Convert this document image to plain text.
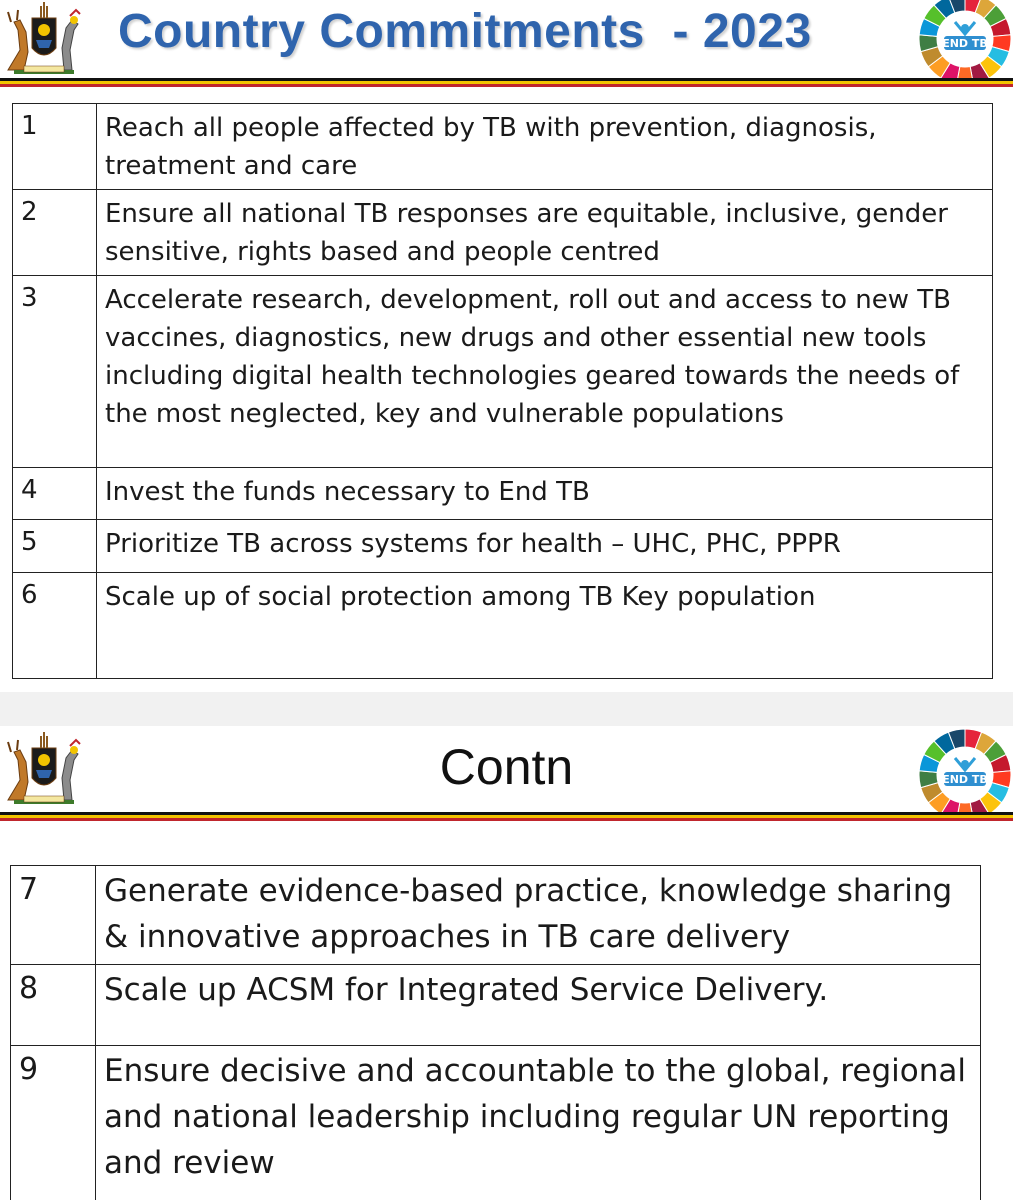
Country Commitments  - 2023	END TB
1	Reach all people affected by TB with prevention, diagnosis, treatment and care
2	Ensure all national TB responses are equitable, inclusive, gender sensitive, rights based and people centred
3	Accelerate research, development, roll out and access to new TB vaccines, diagnostics, new drugs and other essential new tools including digital health technologies geared towards the needs of the most neglected, key and vulnerable populations
4	Invest the funds necessary to End TB
5	Prioritize TB across systems for health – UHC, PHC, PPPR
6	Scale up of social protection among TB Key population
Contn	END TB
7	Generate evidence-based practice, knowledge sharing & innovative approaches in TB care delivery
8	Scale up ACSM for Integrated Service Delivery.
9	Ensure decisive and accountable to the global, regional and national leadership including regular UN reporting and review
